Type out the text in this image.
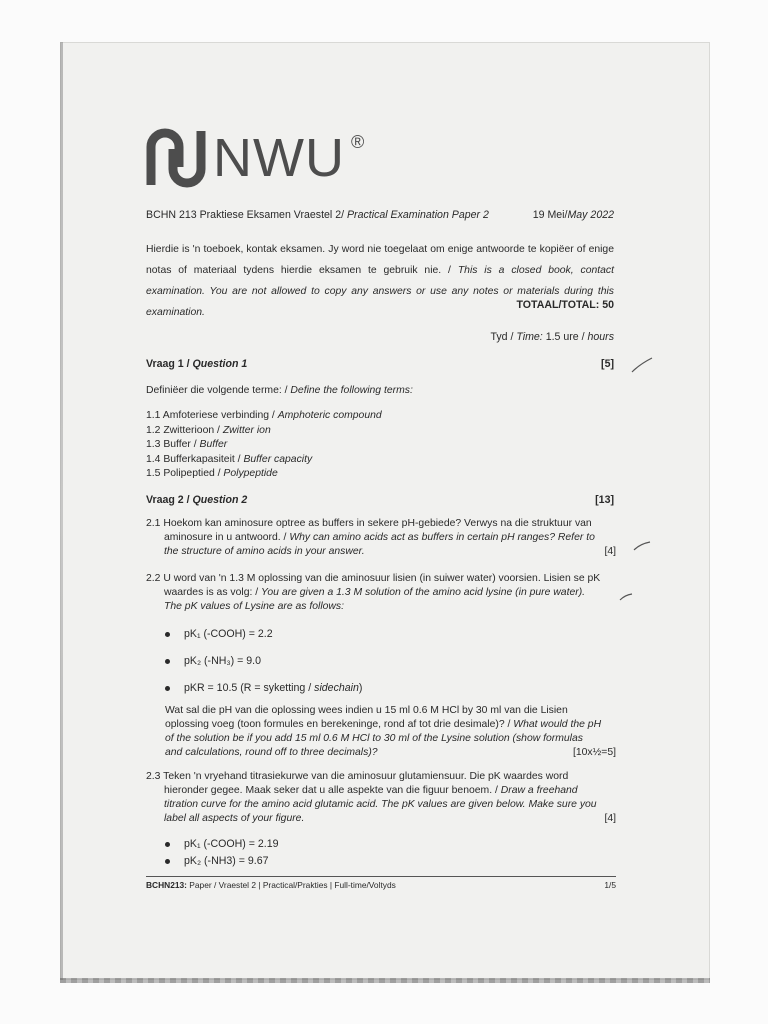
NWU ®
BCHN 213 Praktiese Eksamen Vraestel 2/ Practical Examination Paper 2	19 Mei/May 2022
Hierdie is 'n toeboek, kontak eksamen. Jy word nie toegelaat om enige antwoorde te kopiëer of enige notas of materiaal tydens hierdie eksamen te gebruik nie. / This is a closed book, contact examination. You are not allowed to copy any answers or use any notes or materials during this examination.
TOTAAL/TOTAL: 50
Tyd / Time: 1.5 ure / hours
Vraag 1 / Question 1	[5]
Definiëer die volgende terme: / Define the following terms:
1.1 Amfoteriese verbinding / Amphoteric compound
1.2 Zwitterioon / Zwitter ion
1.3 Buffer / Buffer
1.4 Bufferkapasiteit / Buffer capacity
1.5 Polipeptied / Polypeptide
Vraag 2 / Question 2	[13]
2.1 Hoekom kan aminosure optree as buffers in sekere pH-gebiede? Verwys na die struktuur van
aminosure in u antwoord. / Why can amino acids act as buffers in certain pH ranges? Refer to
the structure of amino acids in your answer.	[4]
2.2 U word van 'n 1.3 M oplossing van die aminosuur lisien (in suiwer water) voorsien. Lisien se pK
waardes is as volg: / You are given a 1.3 M solution of the amino acid lysine (in pure water).
The pK values of Lysine are as follows:
pK₁ (-COOH) = 2.2
pK₂ (-NH₃) = 9.0
pKR = 10.5 (R = syketting / sidechain)
Wat sal die pH van die oplossing wees indien u 15 ml 0.6 M HCl by 30 ml van die Lisien
oplossing voeg (toon formules en berekeninge, rond af tot drie desimale)? / What would the pH
of the solution be if you add 15 ml 0.6 M HCl to 30 ml of the Lysine solution (show formulas
and calculations, round off to three decimals)?	[10x½=5]
2.3 Teken 'n vryehand titrasiekurwe van die aminosuur glutamiensuur. Die pK waardes word
hieronder gegee. Maak seker dat u alle aspekte van die figuur benoem. / Draw a freehand
titration curve for the amino acid glutamic acid. The pK values are given below. Make sure you
label all aspects of your figure.	[4]
pK₁ (-COOH) = 2.19
pK₂ (-NH3) = 9.67
BCHN213: Paper / Vraestel 2 | Practical/Prakties | Full-time/Voltyds	1/5
